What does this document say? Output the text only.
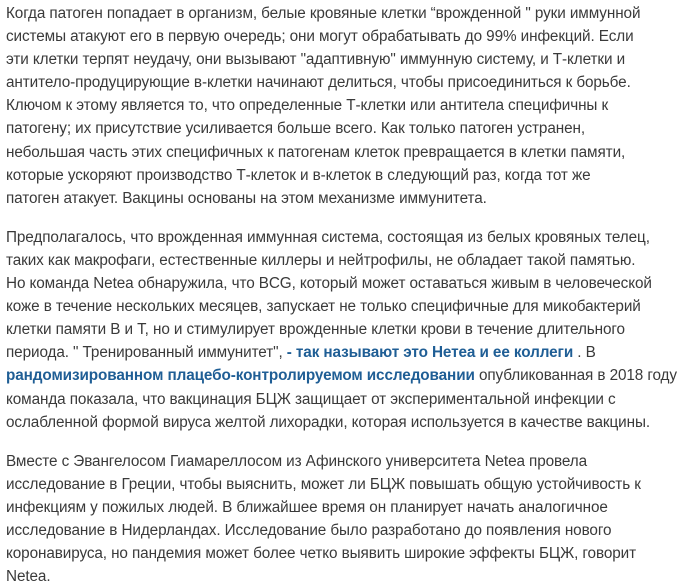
Когда патоген попадает в организм, белые кровяные клетки “врожденной " руки иммунной
системы атакуют его в первую очередь; они могут обрабатывать до 99% инфекций. Если
эти клетки терпят неудачу, они вызывают "адаптивную" иммунную систему, и Т-клетки и
антитело-продуцирующие в-клетки начинают делиться, чтобы присоединиться к борьбе.
Ключом к этому является то, что определенные Т-клетки или антитела специфичны к
патогену; их присутствие усиливается больше всего. Как только патоген устранен,
небольшая часть этих специфичных к патогенам клеток превращается в клетки памяти,
которые ускоряют производство Т-клеток и в-клеток в следующий раз, когда тот же
патоген атакует. Вакцины основаны на этом механизме иммунитета.

Предполагалось, что врожденная иммунная система, состоящая из белых кровяных телец,
таких как макрофаги, естественные киллеры и нейтрофилы, не обладает такой памятью.
Но команда Netea обнаружила, что BCG, который может оставаться живым в человеческой
коже в течение нескольких месяцев, запускает не только специфичные для микобактерий
клетки памяти B и T, но и стимулирует врожденные клетки крови в течение длительного
периода. " Тренированный иммунитет", - так называют это Нетеа и ее коллеги . В
рандомизированном плацебо-контролируемом исследовании опубликованная в 2018 году
команда показала, что вакцинация БЦЖ защищает от экспериментальной инфекции с
ослабленной формой вируса желтой лихорадки, которая используется в качестве вакцины.

Вместе с Эвангелосом Гиамареллосом из Афинского университета Netea провела
исследование в Греции, чтобы выяснить, может ли БЦЖ повышать общую устойчивость к
инфекциям у пожилых людей. В ближайшее время он планирует начать аналогичное
исследование в Нидерландах. Исследование было разработано до появления нового
коронавируса, но пандемия может более четко выявить широкие эффекты БЦЖ, говорит
Netea.
